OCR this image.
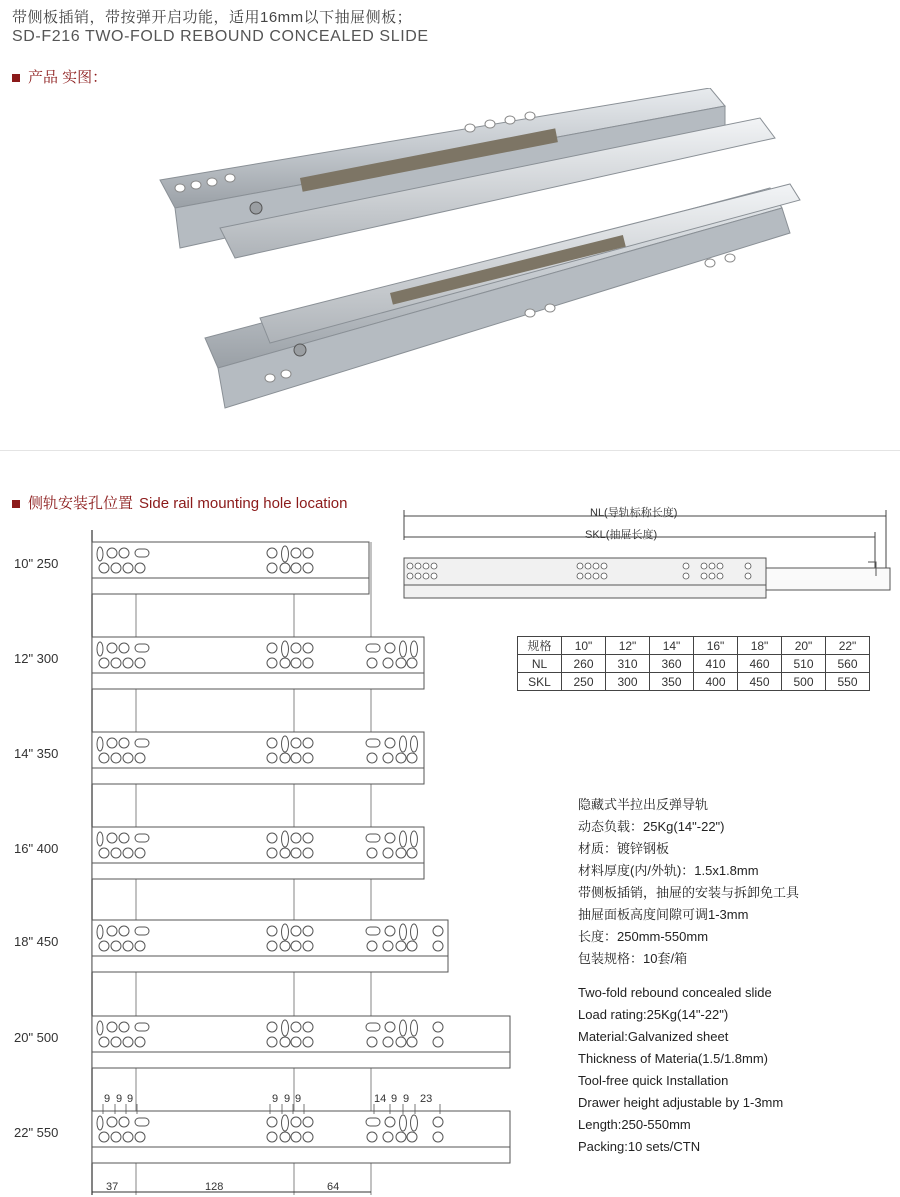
带侧板插销，带按弹开启功能，适用16mm以下抽屉侧板；
SD-F216 TWO-FOLD REBOUND CONCEALED SLIDE
产品 实图：
侧轨安装孔位置 Side rail mounting hole location
9 9 9	9 9 9	14 9 9 23
37	128	64
10" 250
12" 300
14" 350
16" 400
18" 450
20" 500
22" 550
NL(导轨标称长度)
SKL(抽屉长度)
规格	10"	12"	14"	16"	18"	20"	22"
NL	260	310	360	410	460	510	560
SKL	250	300	350	400	450	500	550
隐藏式半拉出反弹导轨
动态负载：25Kg(14"-22")
材质：镀锌钢板
材料厚度(内/外轨)：1.5x1.8mm
带侧板插销，抽屉的安装与拆卸免工具
抽屉面板高度间隙可调1-3mm
长度：250mm-550mm
包装规格：10套/箱
Two-fold rebound concealed slide
Load rating:25Kg(14"-22")
Material:Galvanized sheet
Thickness of Materia(1.5/1.8mm)
Tool-free quick Installation
Drawer height adjustable by 1-3mm
Length:250-550mm
Packing:10 sets/CTN
